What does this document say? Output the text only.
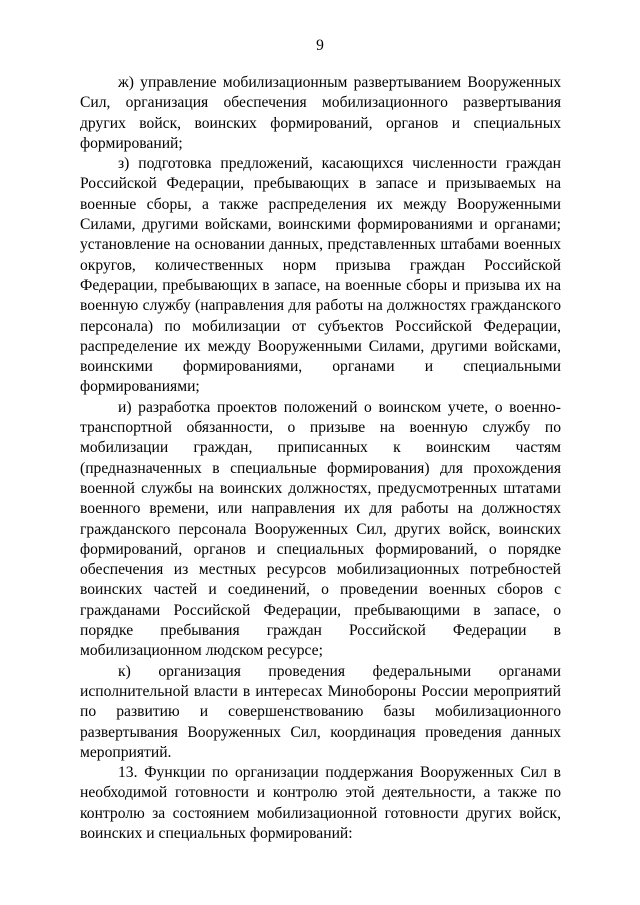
9

ж) управление мобилизационным развертыванием Вооруженных Сил, организация обеспечения мобилизационного развертывания других войск, воинских формирований, органов и специальных формирований;

з) подготовка предложений, касающихся численности граждан Российской Федерации, пребывающих в запасе и призываемых на военные сборы, а также распределения их между Вооруженными Силами, другими войсками, воинскими формированиями и органами; установление на основании данных, представленных штабами военных округов, количественных норм призыва граждан Российской Федерации, пребывающих в запасе, на военные сборы и призыва их на военную службу (направления для работы на должностях гражданского персонала) по мобилизации от субъектов Российской Федерации, распределение их между Вооруженными Силами, другими войсками, воинскими формированиями, органами и специальными формированиями;

и) разработка проектов положений о воинском учете, о военно-транспортной обязанности, о призыве на военную службу по мобилизации граждан, приписанных к воинским частям (предназначенных в специальные формирования) для прохождения военной службы на воинских должностях, предусмотренных штатами военного времени, или направления их для работы на должностях гражданского персонала Вооруженных Сил, других войск, воинских формирований, органов и специальных формирований, о порядке обеспечения из местных ресурсов мобилизационных потребностей воинских частей и соединений, о проведении военных сборов с гражданами Российской Федерации, пребывающими в запасе, о порядке пребывания граждан Российской Федерации в мобилизационном людском ресурсе;

к) организация проведения федеральными органами исполнительной власти в интересах Минобороны России мероприятий по развитию и совершенствованию базы мобилизационного развертывания Вооруженных Сил, координация проведения данных мероприятий.

13. Функции по организации поддержания Вооруженных Сил в необходимой готовности и контролю этой деятельности, а также по контролю за состоянием мобилизационной готовности других войск, воинских и специальных формирований:
